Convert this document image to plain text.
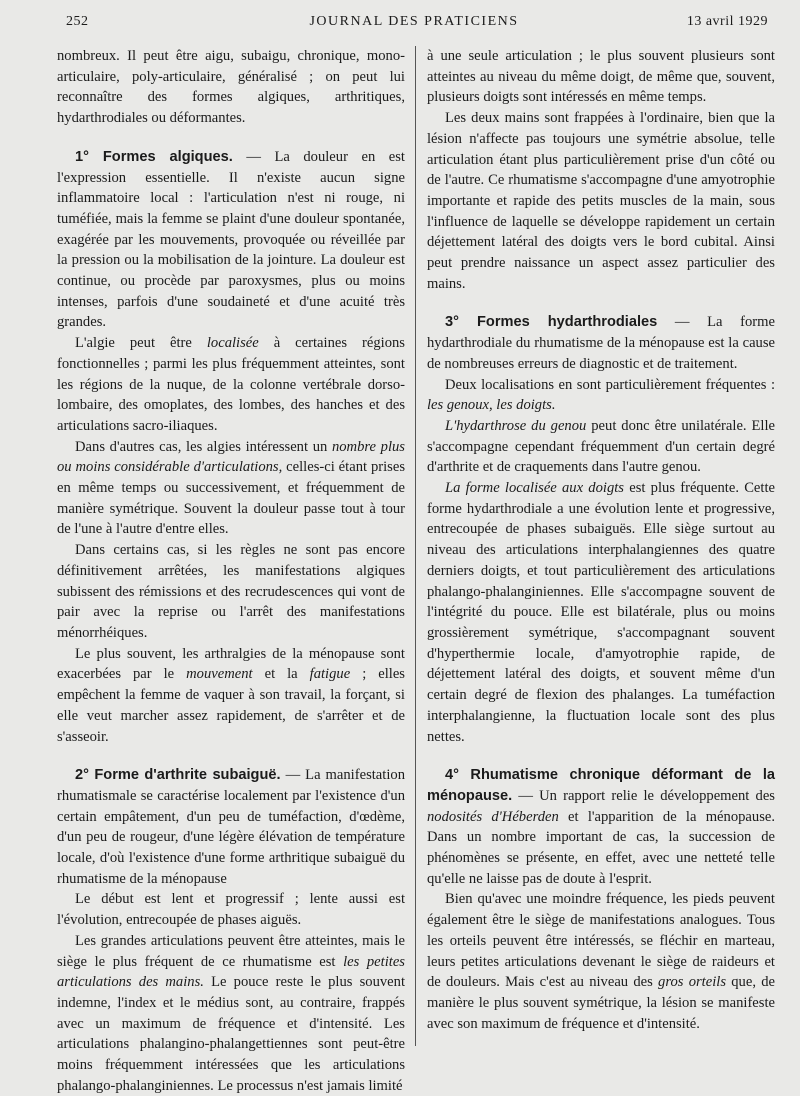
252	JOURNAL DES PRATICIENS	13 avril 1929

nombreux. Il peut être aigu, subaigu, chronique, mono-articulaire, poly-articulaire, généralisé ; on peut lui reconnaître des formes algiques, arthritiques, hydarthrodiales ou déformantes.

1° Formes algiques. — La douleur en est l'expression essentielle. Il n'existe aucun signe inflammatoire local : l'articulation n'est ni rouge, ni tuméfiée, mais la femme se plaint d'une douleur spontanée, exagérée par les mouvements, provoquée ou réveillée par la pression ou la mobilisation de la jointure. La douleur est continue, ou procède par paroxysmes, plus ou moins intenses, parfois d'une soudaineté et d'une acuité très grandes.

L'algie peut être localisée à certaines régions fonctionnelles ; parmi les plus fréquemment atteintes, sont les régions de la nuque, de la colonne vertébrale dorso-lombaire, des omoplates, des lombes, des hanches et des articulations sacro-iliaques.

Dans d'autres cas, les algies intéressent un nombre plus ou moins considérable d'articulations, celles-ci étant prises en même temps ou successivement, et fréquemment de manière symétrique. Souvent la douleur passe tout à tour de l'une à l'autre d'entre elles.

Dans certains cas, si les règles ne sont pas encore définitivement arrêtées, les manifestations algiques subissent des rémissions et des recrudescences qui vont de pair avec la reprise ou l'arrêt des manifestations ménorrhéiques.

Le plus souvent, les arthralgies de la ménopause sont exacerbées par le mouvement et la fatigue ; elles empêchent la femme de vaquer à son travail, la forçant, si elle veut marcher assez rapidement, de s'arrêter et de s'asseoir.

2° Forme d'arthrite subaiguë. — La manifestation rhumatismale se caractérise localement par l'existence d'un certain empâtement, d'un peu de tuméfaction, d'œdème, d'un peu de rougeur, d'une légère élévation de température locale, d'où l'existence d'une forme arthritique subaiguë du rhumatisme de la ménopause

Le début est lent et progressif ; lente aussi est l'évolution, entrecoupée de phases aiguës.

Les grandes articulations peuvent être atteintes, mais le siège le plus fréquent de ce rhumatisme est les petites articulations des mains. Le pouce reste le plus souvent indemne, l'index et le médius sont, au contraire, frappés avec un maximum de fréquence et d'intensité. Les articulations phalangino-phalangettiennes sont peut-être moins fréquemment intéressées que les articulations phalango-phalanginiennes. Le processus n'est jamais limité

à une seule articulation ; le plus souvent plusieurs sont atteintes au niveau du même doigt, de même que, souvent, plusieurs doigts sont intéressés en même temps.

Les deux mains sont frappées à l'ordinaire, bien que la lésion n'affecte pas toujours une symétrie absolue, telle articulation étant plus particulièrement prise d'un côté ou de l'autre. Ce rhumatisme s'accompagne d'une amyotrophie importante et rapide des petits muscles de la main, sous l'influence de laquelle se développe rapidement un certain déjettement latéral des doigts vers le bord cubital. Ainsi peut prendre naissance un aspect assez particulier des mains.

3° Formes hydarthrodiales — La forme hydarthrodiale du rhumatisme de la ménopause est la cause de nombreuses erreurs de diagnostic et de traitement.

Deux localisations en sont particulièrement fréquentes : les genoux, les doigts.

L'hydarthrose du genou peut donc être unilatérale. Elle s'accompagne cependant fréquemment d'un certain degré d'arthrite et de craquements dans l'autre genou.

La forme localisée aux doigts est plus fréquente. Cette forme hydarthrodiale a une évolution lente et progressive, entrecoupée de phases subaiguës. Elle siège surtout au niveau des articulations interphalangiennes des quatre derniers doigts, et tout particulièrement des articulations phalango-phalanginiennes. Elle s'accompagne souvent de l'intégrité du pouce. Elle est bilatérale, plus ou moins grossièrement symétrique, s'accompagnant souvent d'hyperthermie locale, d'amyotrophie rapide, de déjettement latéral des doigts, et souvent même d'un certain degré de flexion des phalanges. La tuméfaction interphalangienne, la fluctuation locale sont des plus nettes.

4° Rhumatisme chronique déformant de la ménopause. — Un rapport relie le développement des nodosités d'Héberden et l'apparition de la ménopause. Dans un nombre important de cas, la succession de phénomènes se présente, en effet, avec une netteté telle qu'elle ne laisse pas de doute à l'esprit.

Bien qu'avec une moindre fréquence, les pieds peuvent également être le siège de manifestations analogues. Tous les orteils peuvent être intéressés, se fléchir en marteau, leurs petites articulations devenant le siège de raideurs et de douleurs. Mais c'est au niveau des gros orteils que, de manière le plus souvent symétrique, la lésion se manifeste avec son maximum de fréquence et d'intensité.
